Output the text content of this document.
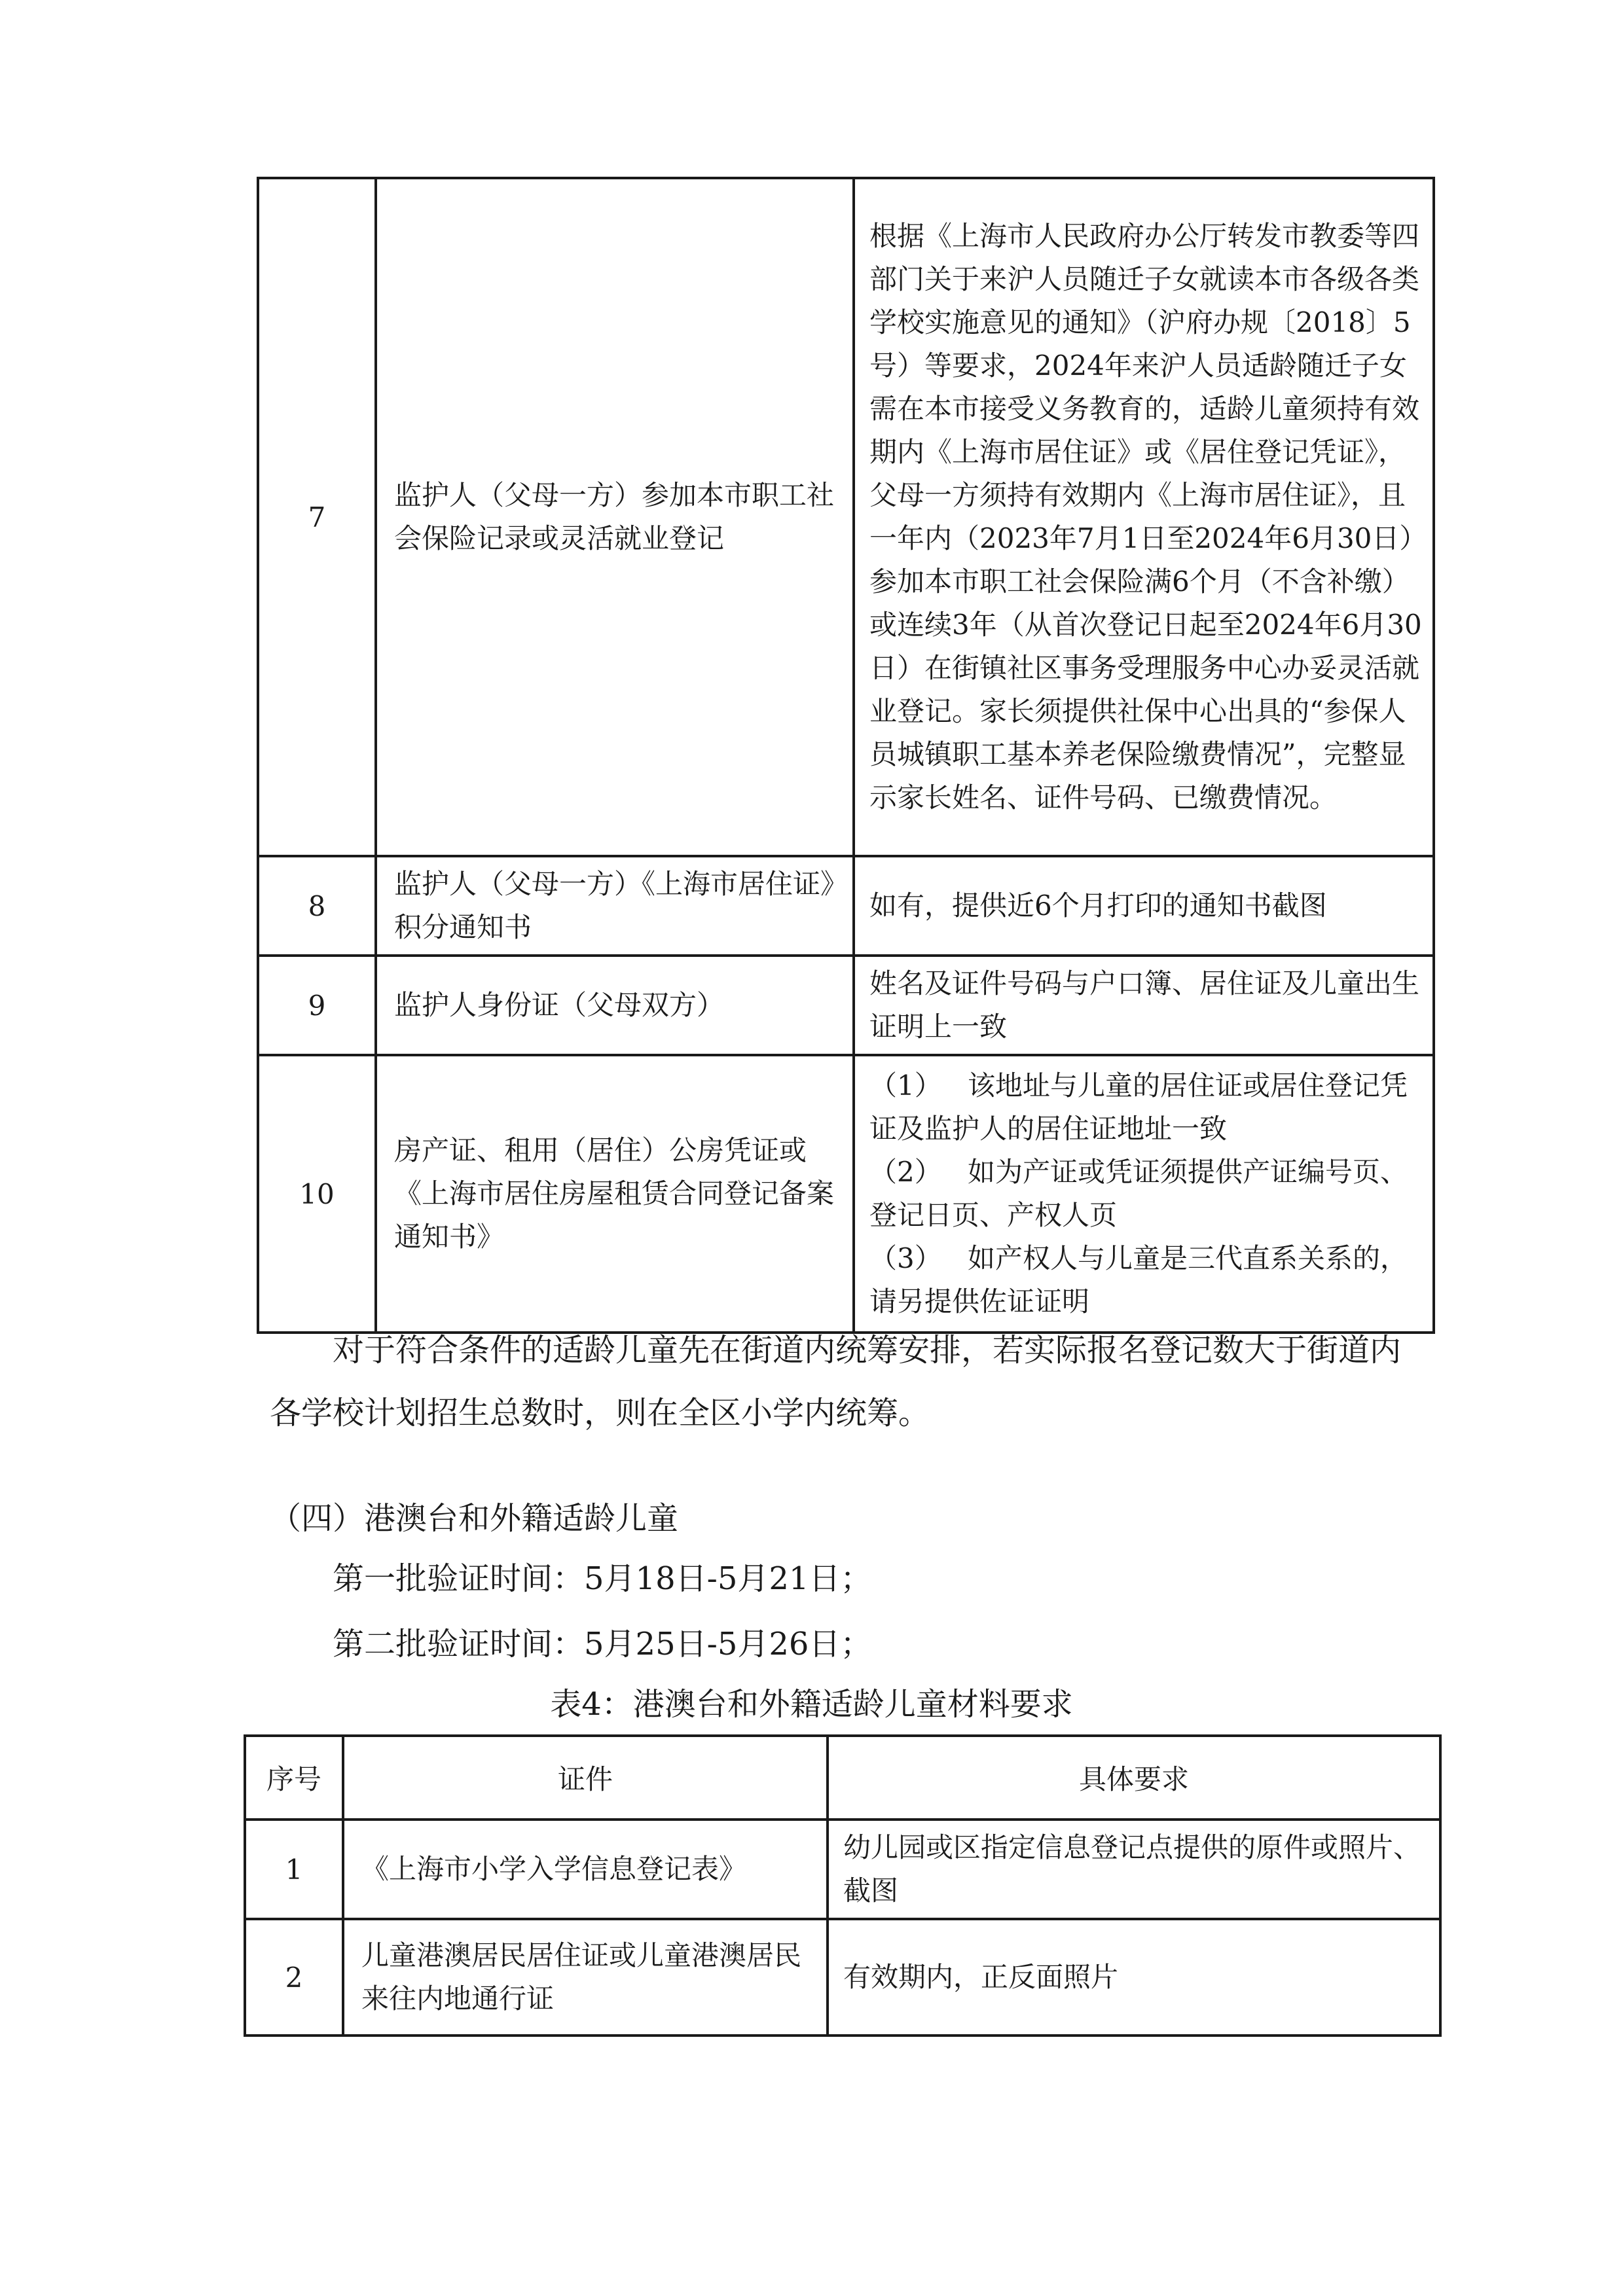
7	监护人（父母一方）参加本市职工社会保险记录或灵活就业登记	根据《上海市人民政府办公厅转发市教委等四部门关于来沪人员随迁子女就读本市各级各类学校实施意见的通知》（沪府办规〔2018〕5号）等要求，2024年来沪人员适龄随迁子女需在本市接受义务教育的，适龄儿童须持有效期内《上海市居住证》或《居住登记凭证》，父母一方须持有效期内《上海市居住证》，且一年内（2023年7月1日至2024年6月30日）参加本市职工社会保险满6个月（不含补缴）或连续3年（从首次登记日起至2024年6月30日）在街镇社区事务受理服务中心办妥灵活就业登记。家长须提供社保中心出具的“参保人员城镇职工基本养老保险缴费情况”，完整显示家长姓名、证件号码、已缴费情况。
8	监护人（父母一方）《上海市居住证》积分通知书	如有，提供近6个月打印的通知书截图
9	监护人身份证（父母双方）	姓名及证件号码与户口簿、居住证及儿童出生证明上一致
10	房产证、租用（居住）公房凭证或《上海市居住房屋租赁合同登记备案通知书》	（1） 该地址与儿童的居住证或居住登记凭证及监护人的居住证地址一致
（2） 如为产证或凭证须提供产证编号页、登记日页、产权人页
（3） 如产权人与儿童是三代直系关系的，请另提供佐证证明

对于符合条件的适龄儿童先在街道内统筹安排，若实际报名登记数大于街道内各学校计划招生总数时，则在全区小学内统筹。

（四）港澳台和外籍适龄儿童

第一批验证时间：5月18日-5月21日；

第二批验证时间：5月25日-5月26日；

表4：港澳台和外籍适龄儿童材料要求

序号	证件	具体要求
1	《上海市小学入学信息登记表》	幼儿园或区指定信息登记点提供的原件或照片、截图
2	儿童港澳居民居住证或儿童港澳居民来往内地通行证	有效期内，正反面照片
